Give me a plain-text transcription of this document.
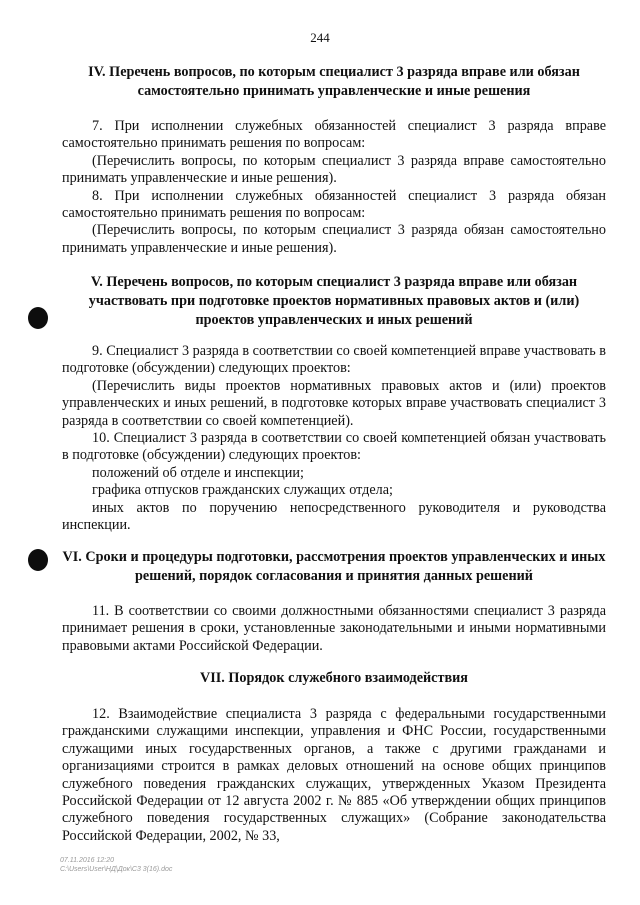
244
IV. Перечень вопросов, по которым специалист 3 разряда вправе или обязан самостоятельно принимать управленческие и иные решения

7. При исполнении служебных обязанностей специалист 3 разряда вправе самостоятельно принимать решения по вопросам:

(Перечислить вопросы, по которым специалист 3 разряда вправе самостоятельно принимать управленческие и иные решения).

8. При исполнении служебных обязанностей специалист 3 разряда обязан самостоятельно принимать решения по вопросам:

(Перечислить вопросы, по которым специалист 3 разряда обязан самостоятельно принимать управленческие и иные решения).

V. Перечень вопросов, по которым специалист 3 разряда вправе или обязан участвовать при подготовке проектов нормативных правовых актов и (или) проектов управленческих и иных решений

9. Специалист 3 разряда в соответствии со своей компетенцией вправе участвовать в подготовке (обсуждении) следующих проектов:

(Перечислить виды проектов нормативных правовых актов и (или) проектов управленческих и иных решений, в подготовке которых вправе участвовать специалист 3 разряда в соответствии со своей компетенцией).

10. Специалист 3 разряда в соответствии со своей компетенцией обязан участвовать в подготовке (обсуждении) следующих проектов:

положений об отделе и инспекции;

графика отпусков гражданских служащих отдела;

иных актов по поручению непосредственного руководителя и руководства инспекции.

VI. Сроки и процедуры подготовки, рассмотрения проектов управленческих и иных решений, порядок согласования и принятия данных решений

11. В соответствии со своими должностными обязанностями специалист 3 разряда принимает решения в сроки, установленные законодательными и иными нормативными правовыми актами Российской Федерации.

VII. Порядок служебного взаимодействия

12. Взаимодействие специалиста 3 разряда с федеральными государственными гражданскими служащими инспекции, управления и ФНС России, государственными служащими иных государственных органов, а также с другими гражданами и организациями строится в рамках деловых отношений на основе общих принципов служебного поведения гражданских служащих, утвержденных Указом Президента Российской Федерации от 12 августа 2002 г. № 885 «Об утверждении общих принципов служебного поведения государственных служащих» (Собрание законодательства Российской Федерации, 2002, № 33,

07.11.2016 12:20
C:\Users\User\НД\Док\С3 3(16).doc
